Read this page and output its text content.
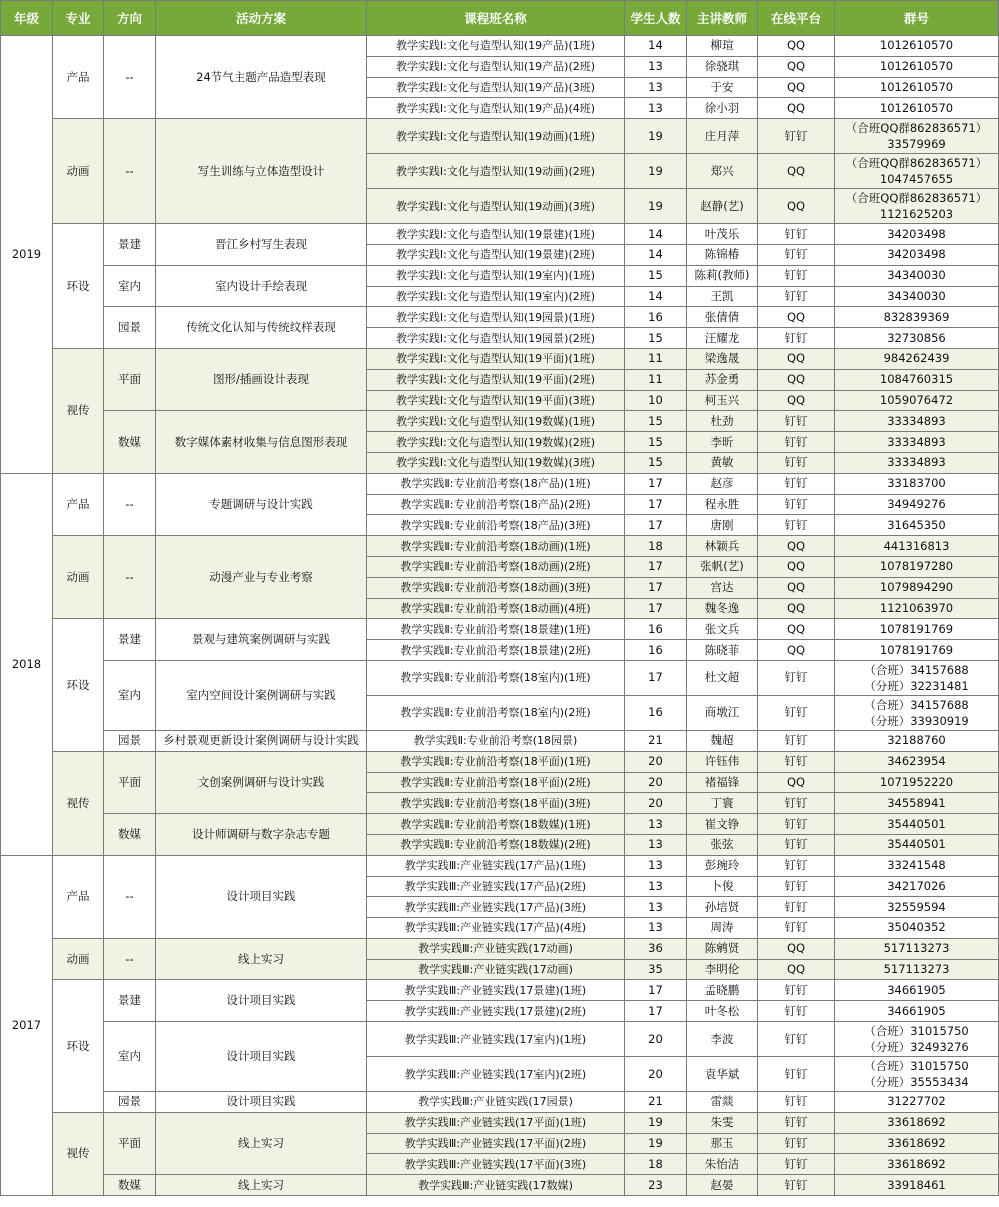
年级	专业	方向	活动方案	课程班名称	学生人数	主讲教师	在线平台	群号
2019	产品	--	24节气主题产品造型表现	教学实践Ⅰ:文化与造型认知(19产品)(1班)	14	柳瑄	QQ	1012610570
				教学实践Ⅰ:文化与造型认知(19产品)(2班)	13	徐骁琪	QQ	1012610570
				教学实践Ⅰ:文化与造型认知(19产品)(3班)	13	于安	QQ	1012610570
				教学实践Ⅰ:文化与造型认知(19产品)(4班)	13	徐小羽	QQ	1012610570
	动画	--	写生训练与立体造型设计	教学实践Ⅰ:文化与造型认知(19动画)(1班)	19	庄月萍	钉钉	（合班QQ群862836571）
33579969
				教学实践Ⅰ:文化与造型认知(19动画)(2班)	19	郑兴	QQ	（合班QQ群862836571）
1047457655
				教学实践Ⅰ:文化与造型认知(19动画)(3班)	19	赵静(艺)	QQ	（合班QQ群862836571）
1121625203
	环设	景建	晋江乡村写生表现	教学实践Ⅰ:文化与造型认知(19景建)(1班)	14	叶茂乐	钉钉	34203498
				教学实践Ⅰ:文化与造型认知(19景建)(2班)	14	陈锦椿	钉钉	34203498
		室内	室内设计手绘表现	教学实践Ⅰ:文化与造型认知(19室内)(1班)	15	陈莉(教师)	钉钉	34340030
				教学实践Ⅰ:文化与造型认知(19室内)(2班)	14	王凯	钉钉	34340030
		园景	传统文化认知与传统纹样表现	教学实践Ⅰ:文化与造型认知(19园景)(1班)	16	张倩倩	QQ	832839369
				教学实践Ⅰ:文化与造型认知(19园景)(2班)	15	汪耀龙	钉钉	32730856
	视传	平面	图形/插画设计表现	教学实践Ⅰ:文化与造型认知(19平面)(1班)	11	梁逸晟	QQ	984262439
				教学实践Ⅰ:文化与造型认知(19平面)(2班)	11	苏金勇	QQ	1084760315
				教学实践Ⅰ:文化与造型认知(19平面)(3班)	10	柯玉兴	QQ	1059076472
		数媒	数字媒体素材收集与信息图形表现	教学实践Ⅰ:文化与造型认知(19数媒)(1班)	15	杜劲	钉钉	33334893
				教学实践Ⅰ:文化与造型认知(19数媒)(2班)	15	李昕	钉钉	33334893
				教学实践Ⅰ:文化与造型认知(19数媒)(3班)	15	黄敏	钉钉	33334893
2018	产品	--	专题调研与设计实践	教学实践Ⅱ:专业前沿考察(18产品)(1班)	17	赵彦	钉钉	33183700
				教学实践Ⅱ:专业前沿考察(18产品)(2班)	17	程永胜	钉钉	34949276
				教学实践Ⅱ:专业前沿考察(18产品)(3班)	17	唐刚	钉钉	31645350
	动画	--	动漫产业与专业考察	教学实践Ⅱ:专业前沿考察(18动画)(1班)	18	林颖兵	QQ	441316813
				教学实践Ⅱ:专业前沿考察(18动画)(2班)	17	张帆(艺)	QQ	1078197280
				教学实践Ⅱ:专业前沿考察(18动画)(3班)	17	宫达	QQ	1079894290
				教学实践Ⅱ:专业前沿考察(18动画)(4班)	17	魏冬逸	QQ	1121063970
	环设	景建	景观与建筑案例调研与实践	教学实践Ⅱ:专业前沿考察(18景建)(1班)	16	张文兵	QQ	1078191769
				教学实践Ⅱ:专业前沿考察(18景建)(2班)	16	陈晓菲	QQ	1078191769
		室内	室内空间设计案例调研与实践	教学实践Ⅱ:专业前沿考察(18室内)(1班)	17	杜文超	钉钉	（合班）34157688
（分班）32231481
				教学实践Ⅱ:专业前沿考察(18室内)(2班)	16	商墩江	钉钉	（合班）34157688
（分班）33930919
		园景	乡村景观更新设计案例调研与设计实践	教学实践Ⅱ:专业前沿考察(18园景)	21	魏超	钉钉	32188760
	视传	平面	文创案例调研与设计实践	教学实践Ⅱ:专业前沿考察(18平面)(1班)	20	许钰伟	钉钉	34623954
				教学实践Ⅱ:专业前沿考察(18平面)(2班)	20	褚福锋	QQ	1071952220
				教学实践Ⅱ:专业前沿考察(18平面)(3班)	20	丁寰	钉钉	34558941
		数媒	设计师调研与数字杂志专题	教学实践Ⅱ:专业前沿考察(18数媒)(1班)	13	崔文铮	钉钉	35440501
				教学实践Ⅱ:专业前沿考察(18数媒)(2班)	13	张弦	钉钉	35440501
2017	产品	--	设计项目实践	教学实践Ⅲ:产业链实践(17产品)(1班)	13	彭琬玲	钉钉	33241548
				教学实践Ⅲ:产业链实践(17产品)(2班)	13	卜俊	钉钉	34217026
				教学实践Ⅲ:产业链实践(17产品)(3班)	13	孙培贤	钉钉	32559594
				教学实践Ⅲ:产业链实践(17产品)(4班)	13	周涛	钉钉	35040352
	动画	--	线上实习	教学实践Ⅲ:产业链实践(17动画)	36	陈鹓贤	QQ	517113273
				教学实践Ⅲ:产业链实践(17动画)	35	李明伦	QQ	517113273
	环设	景建	设计项目实践	教学实践Ⅲ:产业链实践(17景建)(1班)	17	孟晓鹏	钉钉	34661905
				教学实践Ⅲ:产业链实践(17景建)(2班)	17	叶冬松	钉钉	34661905
		室内	设计项目实践	教学实践Ⅲ:产业链实践(17室内)(1班)	20	李波	钉钉	（合班）31015750
（分班）32493276
				教学实践Ⅲ:产业链实践(17室内)(2班)	20	袁华斌	钉钉	（合班）31015750
（分班）35553434
		园景	设计项目实践	教学实践Ⅲ:产业链实践(17园景)	21	雷燚	钉钉	31227702
	视传	平面	线上实习	教学实践Ⅲ:产业链实践(17平面)(1班)	19	朱雯	钉钉	33618692
				教学实践Ⅲ:产业链实践(17平面)(2班)	19	那玉	钉钉	33618692
				教学实践Ⅲ:产业链实践(17平面)(3班)	18	朱怡洁	钉钉	33618692
		数媒	线上实习	教学实践Ⅲ:产业链实践(17数媒)	23	赵晏	钉钉	33918461
